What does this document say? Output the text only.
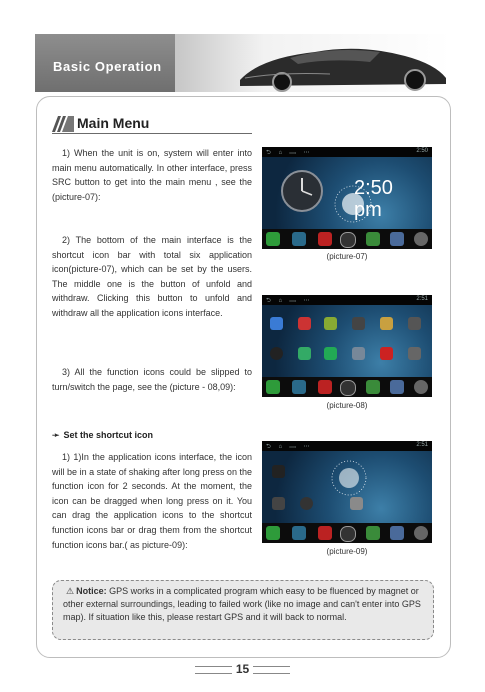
Basic Operation
Main Menu
1) When the unit is on, system will enter into main menu automatically. In other interface, press SRC button to get into the main menu , see the (picture-07):
2) The bottom of the main interface is the shortcut icon bar with total six application icon(picture-07), which can be set by the users. The middle one is the button of unfold and withdraw. Clicking this button to unfold and withdraw all the application icons interface.
3) All the function icons could be slipped to turn/switch the page, see the (picture - 08,09):
➛ Set the shortcut icon
1) 1)In the application icons interface, the icon will be in a state of shaking after long press on the function icon for 2 seconds. At the moment, the icon can be dragged when long press on it. You can drag the application icons to the shortcut function icons bar or drag them from the shortcut function icons bar.( as picture-09):
⮌ ⌂ ▭ ⋯	2:50
2:50
pm
(picture-07)
⮌ ⌂ ▭ ⋯	2:51
(picture-08)
⮌ ⌂ ▭ ⋯	2:51
(picture-09)
⚠ Notice: GPS works in a complicated program which easy to be fluenced by magnet or other external surroundings, leading to failed work (like no image and can't enter into GPS map). If situation like this, please restart GPS and it will back to normal.
15
